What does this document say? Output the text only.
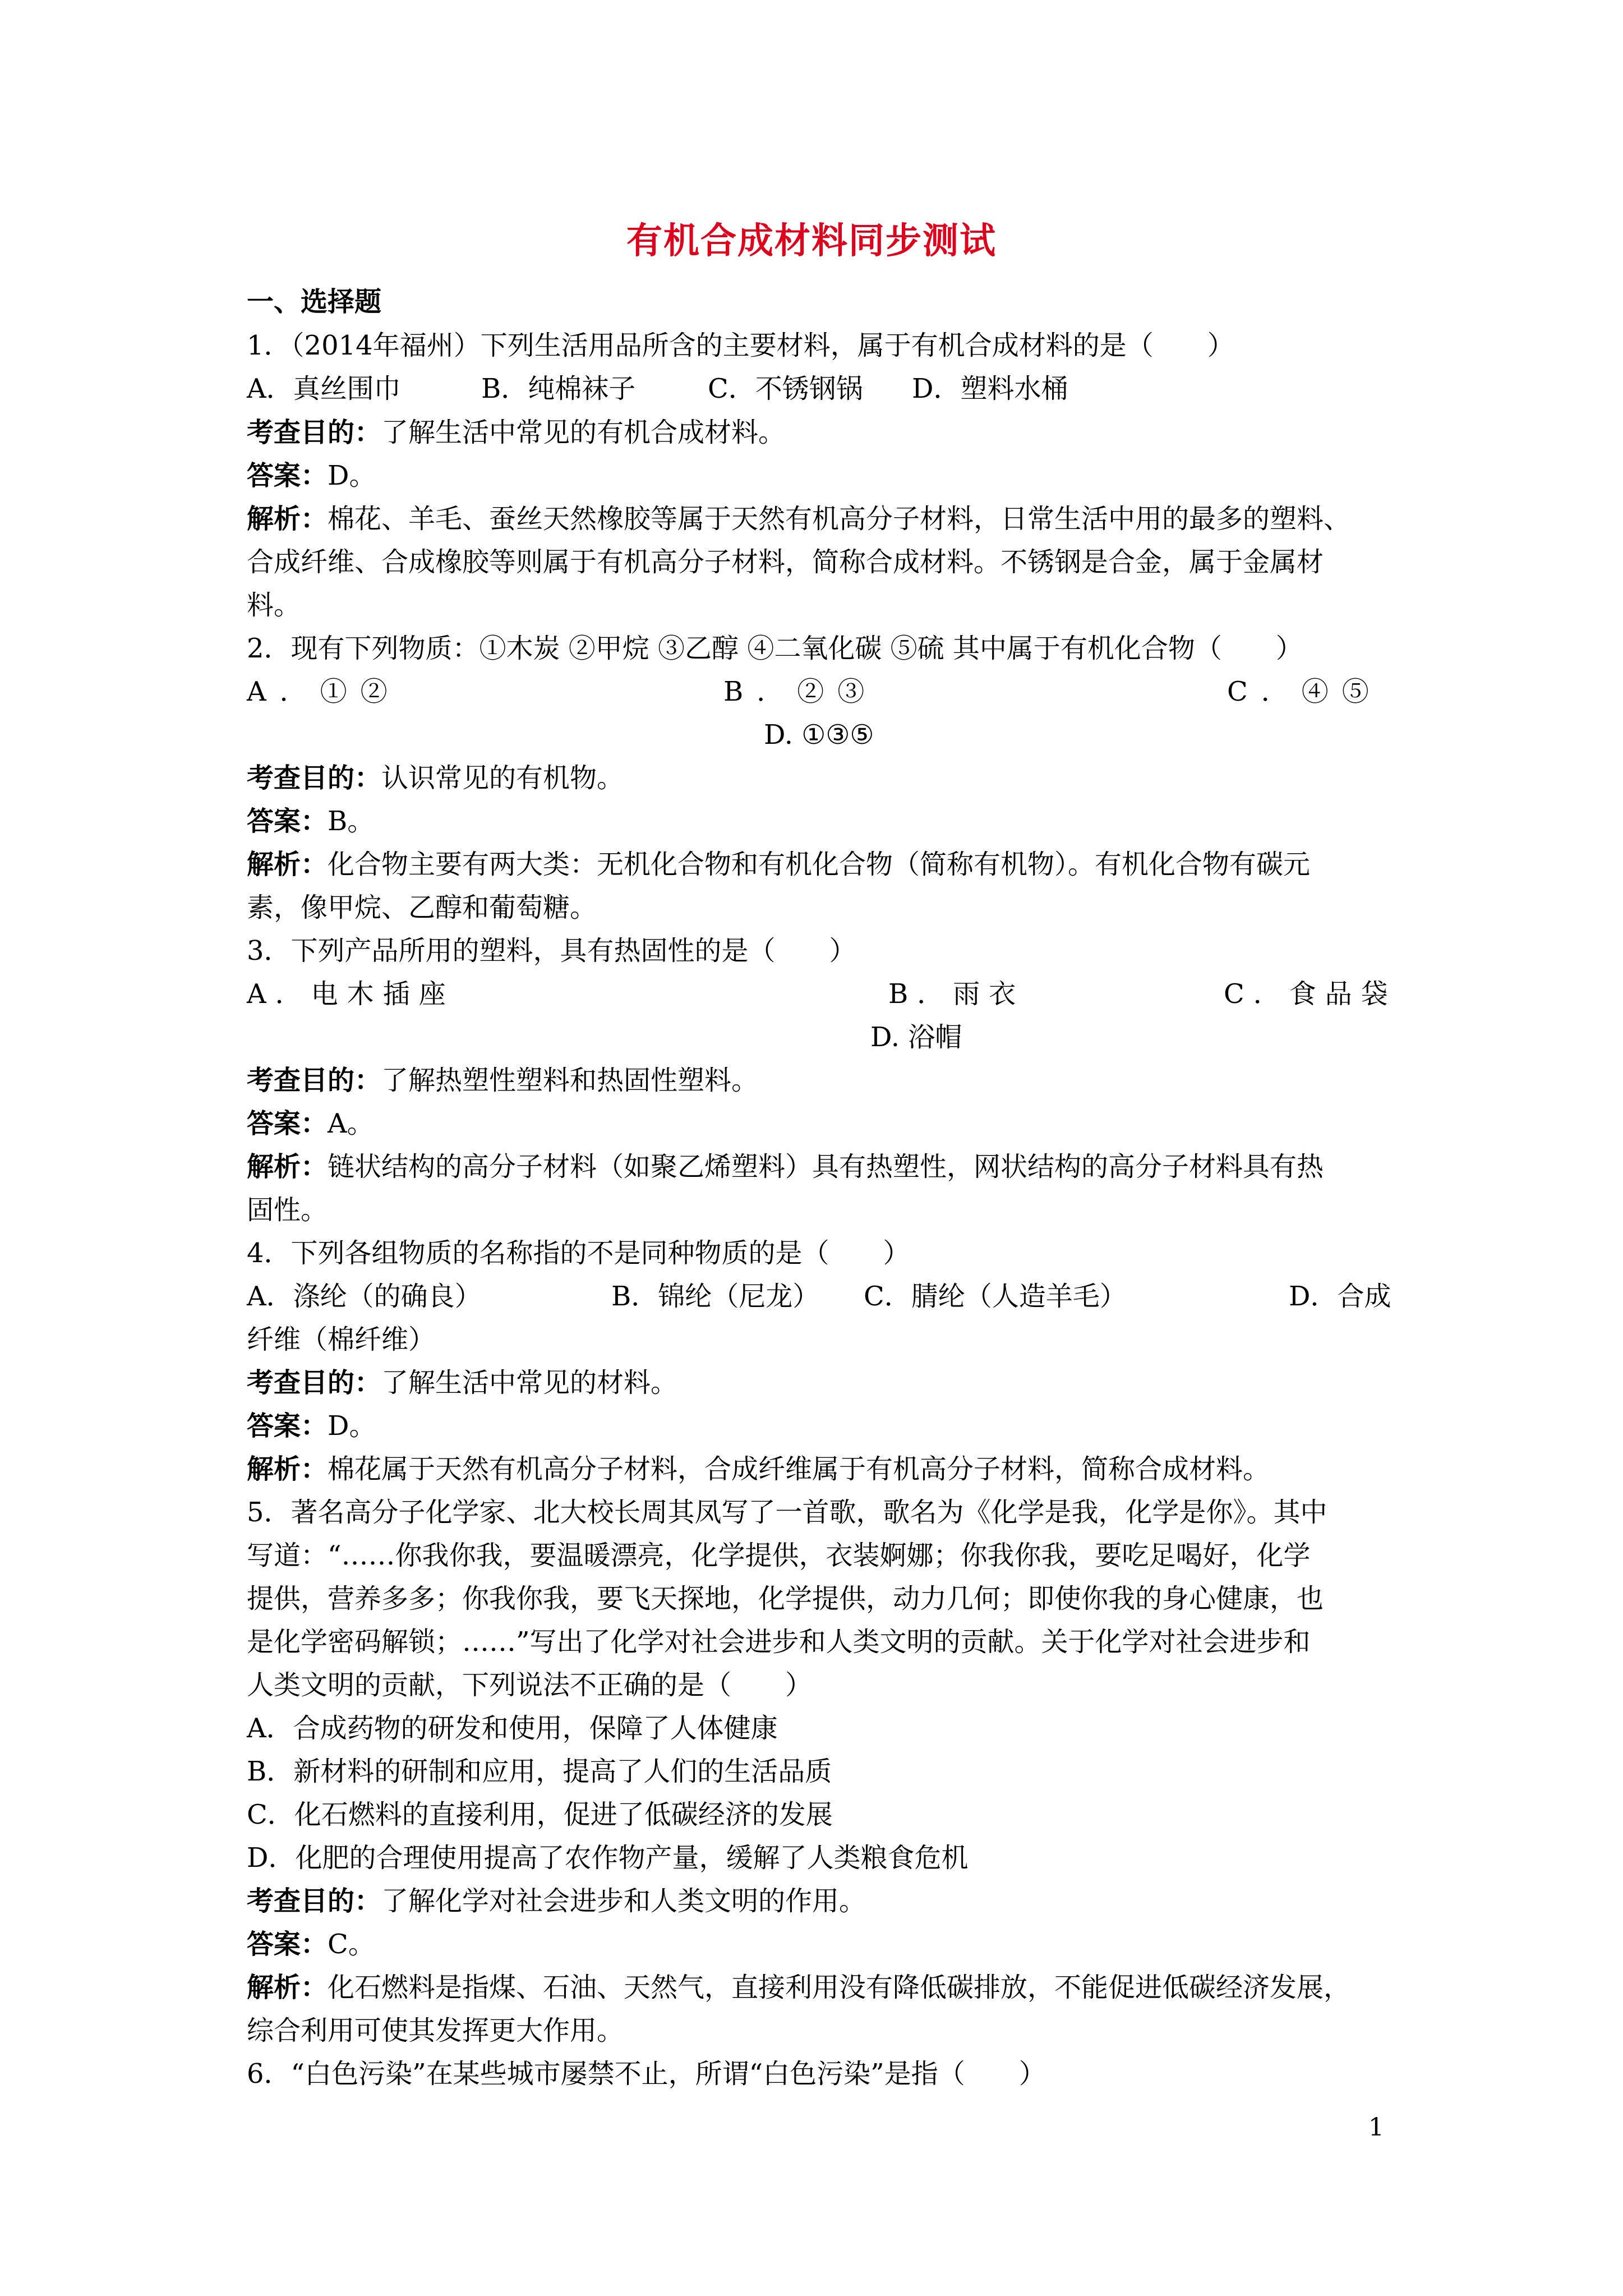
有机合成材料同步测试
一、选择题
1．（2014年福州）下列生活用品所含的主要材料，属于有机合成材料的是（　　）
A．真丝围巾	B．纯棉袜子	C．不锈钢锅 D．塑料水桶
考查目的：了解生活中常见的有机合成材料。
答案：D。
解析：棉花、羊毛、蚕丝天然橡胶等属于天然有机高分子材料，日常生活中用的最多的塑料、
合成纤维、合成橡胶等则属于有机高分子材料，简称合成材料。不锈钢是合金，属于金属材
料。
2．现有下列物质：①木炭 ②甲烷 ③乙醇 ④二氧化碳 ⑤硫 其中属于有机化合物（　　）
A．①②	B．②③	C．④⑤
D. ①③⑤
考查目的：认识常见的有机物。
答案：B。
解析：化合物主要有两大类：无机化合物和有机化合物（简称有机物）。有机化合物有碳元
素，像甲烷、乙醇和葡萄糖。
3．下列产品所用的塑料，具有热固性的是（　　）
A．电木插座	B．雨衣	C．食品袋
D. 浴帽
考查目的：了解热塑性塑料和热固性塑料。
答案：A。
解析：链状结构的高分子材料（如聚乙烯塑料）具有热塑性，网状结构的高分子材料具有热
固性。
4．下列各组物质的名称指的不是同种物质的是（　　）
A．涤纶（的确良）	B．锦纶（尼龙） C．腈纶（人造羊毛）	D．合成
纤维（棉纤维）
考查目的：了解生活中常见的材料。
答案：D。
解析：棉花属于天然有机高分子材料，合成纤维属于有机高分子材料，简称合成材料。
5．著名高分子化学家、北大校长周其凤写了一首歌，歌名为《化学是我，化学是你》。其中
写道：“……你我你我，要温暖漂亮，化学提供，衣装婀娜；你我你我，要吃足喝好，化学
提供，营养多多；你我你我，要飞天探地，化学提供，动力几何；即使你我的身心健康，也
是化学密码解锁；……”写出了化学对社会进步和人类文明的贡献。关于化学对社会进步和
人类文明的贡献，下列说法不正确的是（　　）
A．合成药物的研发和使用，保障了人体健康
B．新材料的研制和应用，提高了人们的生活品质
C．化石燃料的直接利用，促进了低碳经济的发展
D．化肥的合理使用提高了农作物产量，缓解了人类粮食危机
考查目的：了解化学对社会进步和人类文明的作用。
答案：C。
解析：化石燃料是指煤、石油、天然气，直接利用没有降低碳排放，不能促进低碳经济发展，
综合利用可使其发挥更大作用。
6．“白色污染”在某些城市屡禁不止，所谓“白色污染”是指（　　）
1
